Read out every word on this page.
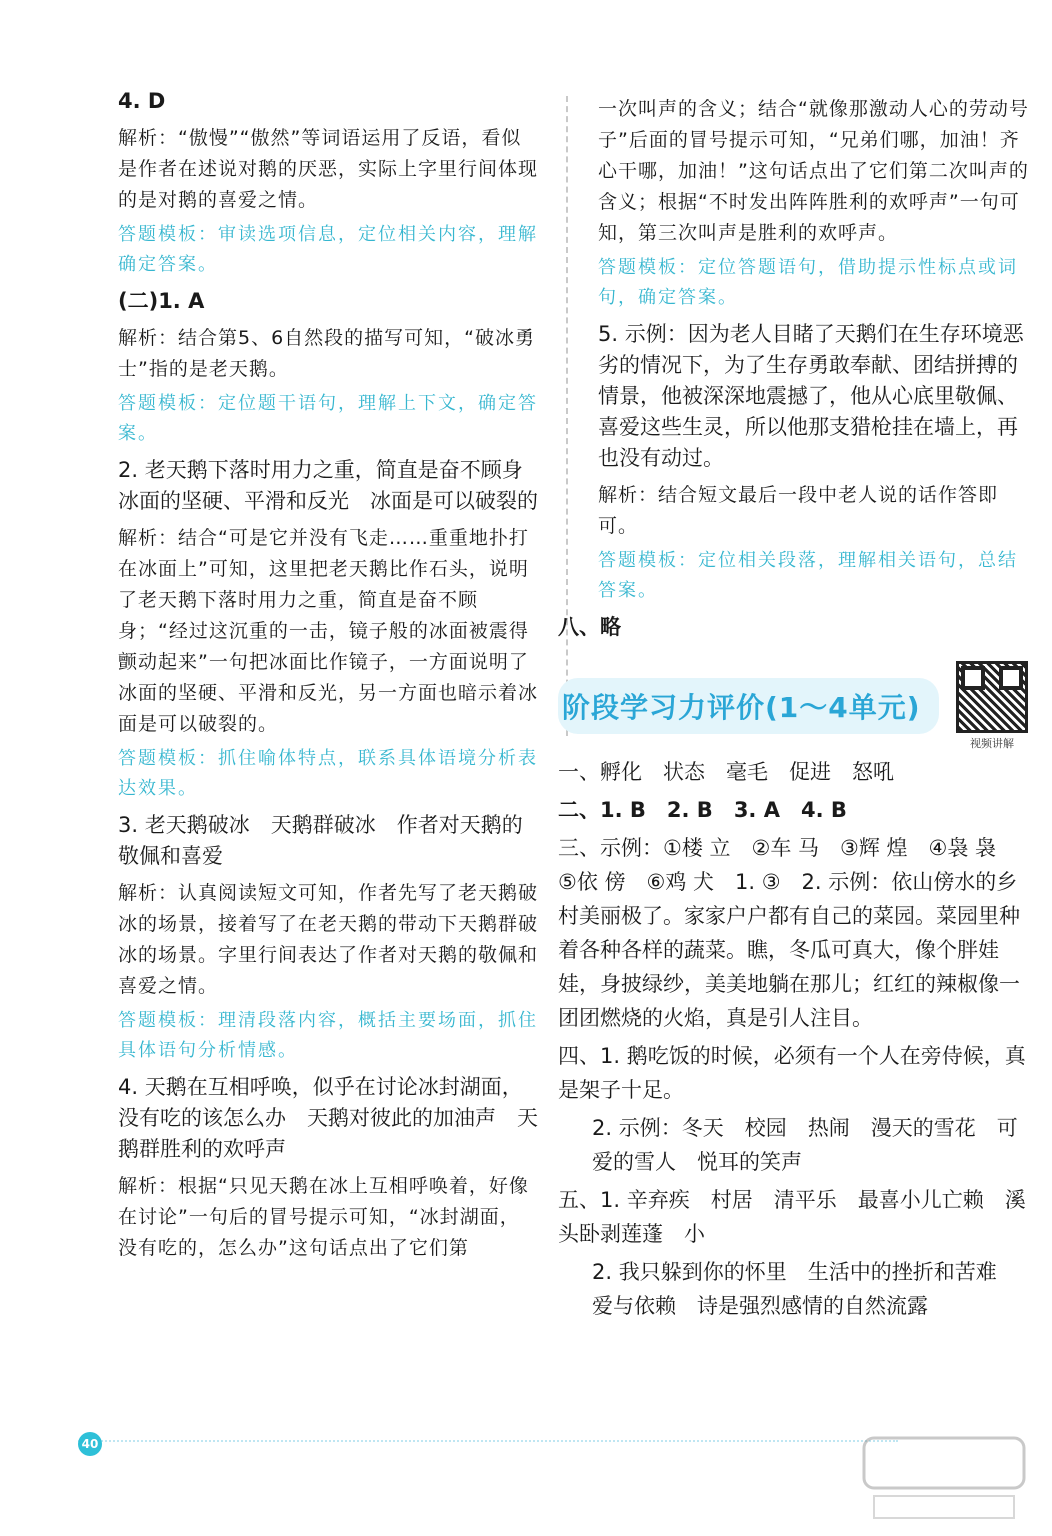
4. D

解析：“傲慢”“傲然”等词语运用了反语，看似是作者在述说对鹅的厌恶，实际上字里行间体现的是对鹅的喜爱之情。

答题模板：审读选项信息，定位相关内容，理解确定答案。

(二)1. A

解析：结合第5、6自然段的描写可知，“破冰勇士”指的是老天鹅。

答题模板：定位题干语句，理解上下文，确定答案。

2. 老天鹅下落时用力之重，简直是奋不顾身　冰面的坚硬、平滑和反光　冰面是可以破裂的

解析：结合“可是它并没有飞走……重重地扑打在冰面上”可知，这里把老天鹅比作石头，说明了老天鹅下落时用力之重，简直是奋不顾身；“经过这沉重的一击，镜子般的冰面被震得颤动起来”一句把冰面比作镜子，一方面说明了冰面的坚硬、平滑和反光，另一方面也暗示着冰面是可以破裂的。

答题模板：抓住喻体特点，联系具体语境分析表达效果。

3. 老天鹅破冰　天鹅群破冰　作者对天鹅的敬佩和喜爱

解析：认真阅读短文可知，作者先写了老天鹅破冰的场景，接着写了在老天鹅的带动下天鹅群破冰的场景。字里行间表达了作者对天鹅的敬佩和喜爱之情。

答题模板：理清段落内容，概括主要场面，抓住具体语句分析情感。

4. 天鹅在互相呼唤，似乎在讨论冰封湖面，没有吃的该怎么办　天鹅对彼此的加油声　天鹅群胜利的欢呼声

解析：根据“只见天鹅在冰上互相呼唤着，好像在讨论”一句后的冒号提示可知，“冰封湖面，没有吃的，怎么办”这句话点出了它们第

一次叫声的含义；结合“就像那激动人心的劳动号子”后面的冒号提示可知，“兄弟们哪，加油！齐心干哪，加油！”这句话点出了它们第二次叫声的含义；根据“不时发出阵阵胜利的欢呼声”一句可知，第三次叫声是胜利的欢呼声。

答题模板：定位答题语句，借助提示性标点或词句，确定答案。

5. 示例：因为老人目睹了天鹅们在生存环境恶劣的情况下，为了生存勇敢奉献、团结拼搏的情景，他被深深地震撼了，他从心底里敬佩、喜爱这些生灵，所以他那支猎枪挂在墙上，再也没有动过。

解析：结合短文最后一段中老人说的话作答即可。

答题模板：定位相关段落，理解相关语句，总结答案。

八、略

阶段学习力评价(1～4单元)
视频讲解

一、孵化　状态　毫毛　促进　怒吼

二、1. B　2. B　3. A　4. B

三、示例：①楼 立　②车 马　③辉 煌　④袅 袅　⑤依 傍　⑥鸡 犬　1. ③　2. 示例：依山傍水的乡村美丽极了。家家户户都有自己的菜园。菜园里种着各种各样的蔬菜。瞧，冬瓜可真大，像个胖娃娃，身披绿纱，美美地躺在那儿；红红的辣椒像一团团燃烧的火焰，真是引人注目。

四、1. 鹅吃饭的时候，必须有一个人在旁侍候，真是架子十足。

2. 示例：冬天　校园　热闹　漫天的雪花　可爱的雪人　悦耳的笑声

五、1. 辛弃疾　村居　清平乐　最喜小儿亡赖　溪头卧剥莲蓬　小

2. 我只躲到你的怀里　生活中的挫折和苦难　爱与依赖　诗是强烈感情的自然流露

40
